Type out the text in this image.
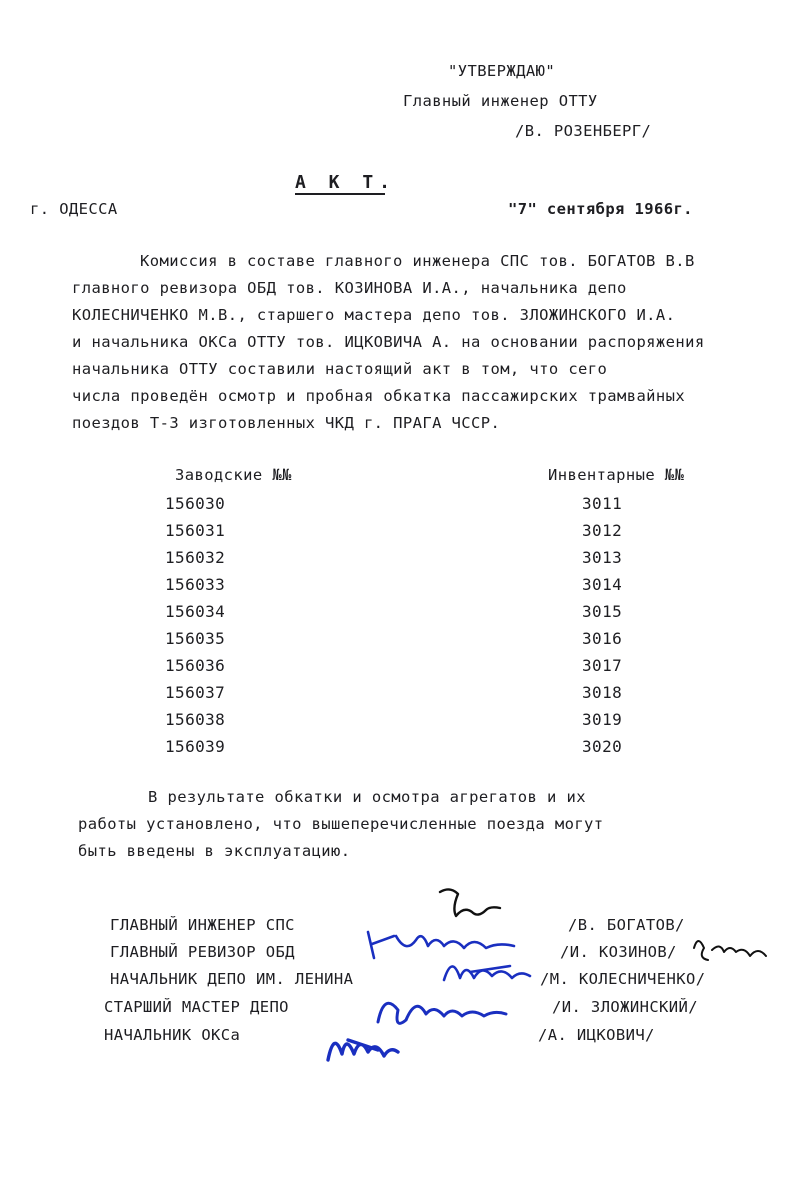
"УТВЕРЖДАЮ"

Главный инженер ОТТУ

/В. РОЗЕНБЕРГ/

А К Т.
г. ОДЕССА	"7" сентября 1966г.
Комиссия в составе главного инженера СПС тов. БОГАТОВ В.В
главного ревизора ОБД тов. КОЗИНОВА И.А., начальника депо
КОЛЕСНИЧЕНКО М.В., старшего мастера депо тов. ЗЛОЖИНСКОГО И.А.
и начальника ОКСа ОТТУ тов. ИЦКОВИЧА А. на основании распоряжения
начальника ОТТУ составили настоящий акт в том, что сего
числа проведён осмотр и пробная обкатка пассажирских трамвайных
поездов Т-3 изготовленных ЧКД г. ПРАГА ЧССР.
Заводские №№	Инвентарные №№
156030	3011
156031	3012
156032	3013
156033	3014
156034	3015
156035	3016
156036	3017
156037	3018
156038	3019
156039	3020
В результате обкатки и осмотра агрегатов и их
работы установлено, что вышеперечисленные поезда могут
быть введены в эксплуатацию.
ГЛАВНЫЙ ИНЖЕНЕР СПС	/В. БОГАТОВ/
ГЛАВНЫЙ РЕВИЗОР ОБД	/И. КОЗИНОВ/
НАЧАЛЬНИК ДЕПО ИМ. ЛЕНИНА	/М. КОЛЕСНИЧЕНКО/
СТАРШИЙ МАСТЕР ДЕПО	/И. ЗЛОЖИНСКИЙ/
НАЧАЛЬНИК ОКСа	/А. ИЦКОВИЧ/
